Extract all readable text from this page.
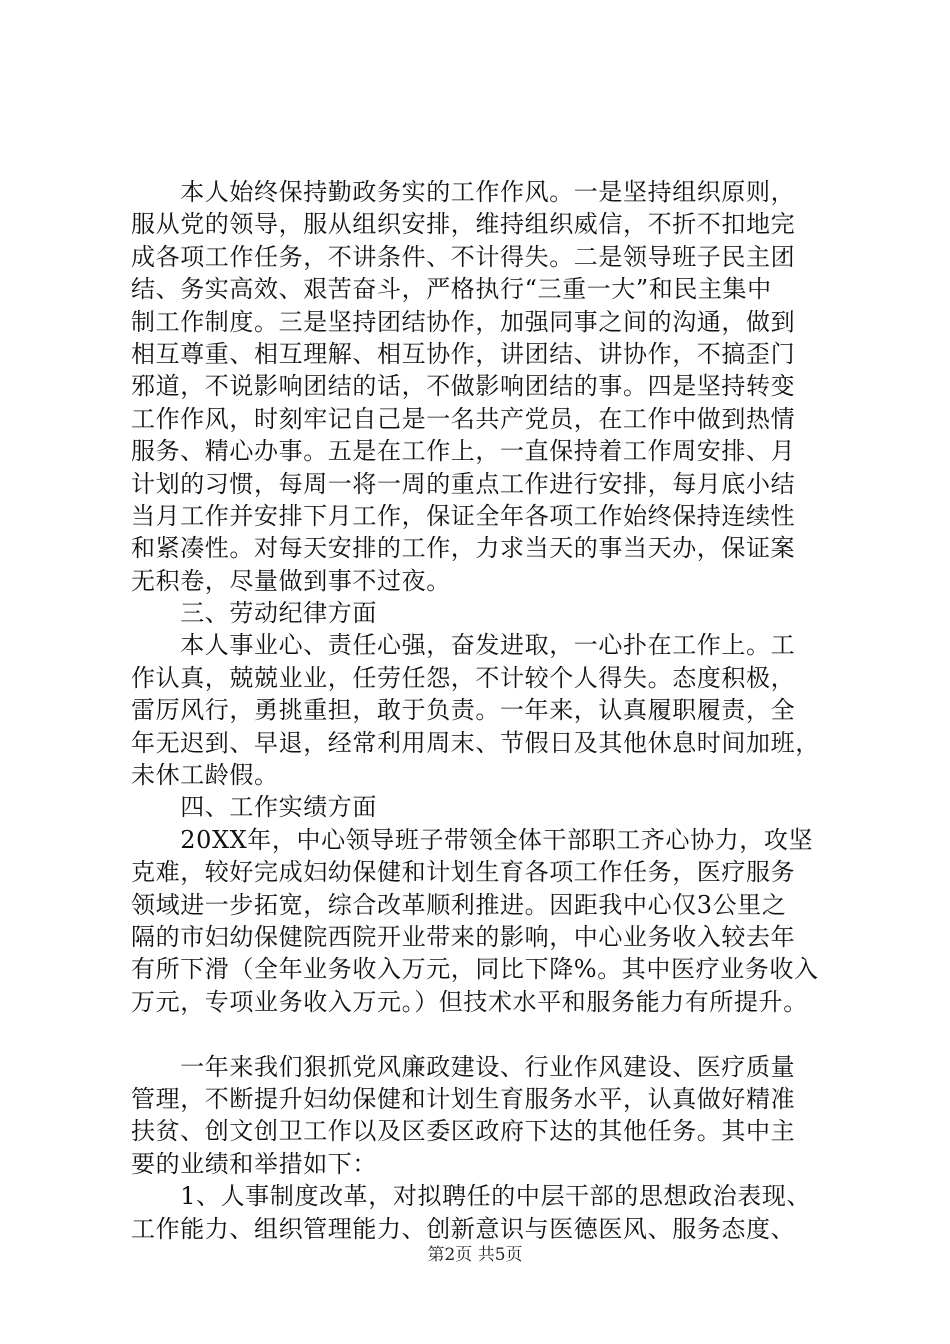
　　本人始终保持勤政务实的工作作风。一是坚持组织原则，
服从党的领导，服从组织安排，维持组织威信，不折不扣地完
成各项工作任务，不讲条件、不计得失。二是领导班子民主团
结、务实高效、艰苦奋斗，严格执行“三重一大”和民主集中
制工作制度。三是坚持团结协作，加强同事之间的沟通，做到
相互尊重、相互理解、相互协作，讲团结、讲协作，不搞歪门
邪道，不说影响团结的话，不做影响团结的事。四是坚持转变
工作作风，时刻牢记自己是一名共产党员，在工作中做到热情
服务、精心办事。五是在工作上，一直保持着工作周安排、月
计划的习惯，每周一将一周的重点工作进行安排，每月底小结
当月工作并安排下月工作，保证全年各项工作始终保持连续性
和紧凑性。对每天安排的工作，力求当天的事当天办，保证案
无积卷，尽量做到事不过夜。
　　三、劳动纪律方面
　　本人事业心、责任心强，奋发进取，一心扑在工作上。工
作认真，兢兢业业，任劳任怨，不计较个人得失。态度积极，
雷厉风行，勇挑重担，敢于负责。一年来，认真履职履责，全
年无迟到、早退，经常利用周末、节假日及其他休息时间加班，
未休工龄假。
　　四、工作实绩方面
　　20XX年，中心领导班子带领全体干部职工齐心协力，攻坚
克难，较好完成妇幼保健和计划生育各项工作任务，医疗服务
领域进一步拓宽，综合改革顺利推进。因距我中心仅3公里之
隔的市妇幼保健院西院开业带来的影响，中心业务收入较去年
有所下滑（全年业务收入万元，同比下降%。其中医疗业务收入
万元，专项业务收入万元。）但技术水平和服务能力有所提升。
　　一年来我们狠抓党风廉政建设、行业作风建设、医疗质量
管理，不断提升妇幼保健和计划生育服务水平，认真做好精准
扶贫、创文创卫工作以及区委区政府下达的其他任务。其中主
要的业绩和举措如下：
　　1、人事制度改革，对拟聘任的中层干部的思想政治表现、
工作能力、组织管理能力、创新意识与医德医风、服务态度、
第2页 共5页
